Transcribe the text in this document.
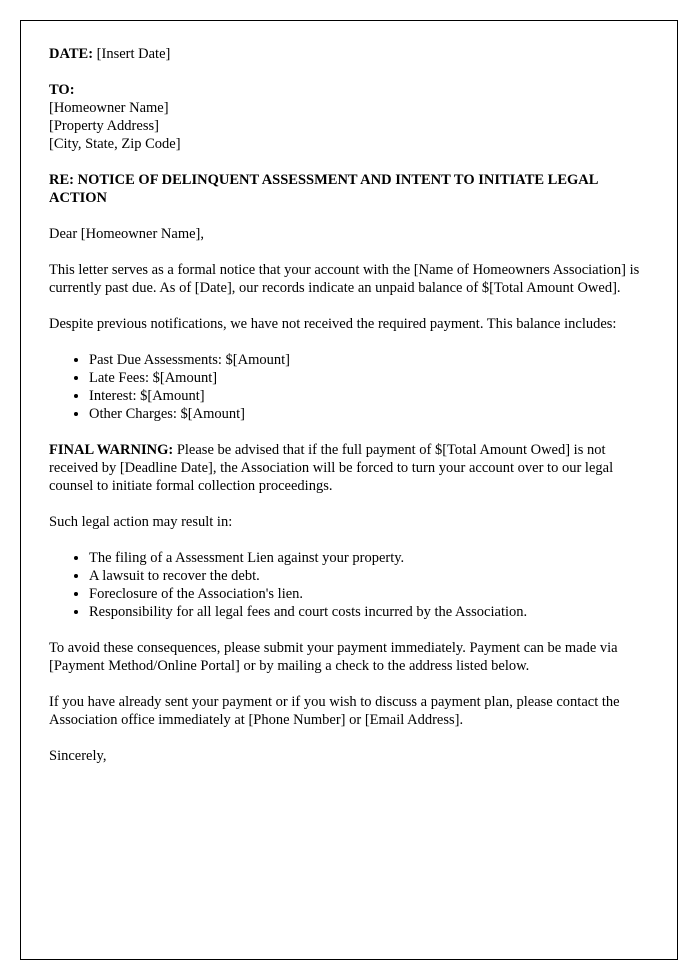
DATE: [Insert Date]

TO:
[Homeowner Name]
[Property Address]
[City, State, Zip Code]

RE: NOTICE OF DELINQUENT ASSESSMENT AND INTENT TO INITIATE LEGAL ACTION

Dear [Homeowner Name],

This letter serves as a formal notice that your account with the [Name of Homeowners Association] is currently past due. As of [Date], our records indicate an unpaid balance of $[Total Amount Owed].

Despite previous notifications, we have not received the required payment. This balance includes:

• Past Due Assessments: $[Amount]
• Late Fees: $[Amount]
• Interest: $[Amount]
• Other Charges: $[Amount]

FINAL WARNING: Please be advised that if the full payment of $[Total Amount Owed] is not received by [Deadline Date], the Association will be forced to turn your account over to our legal counsel to initiate formal collection proceedings.

Such legal action may result in:

• The filing of a Assessment Lien against your property.
• A lawsuit to recover the debt.
• Foreclosure of the Association's lien.
• Responsibility for all legal fees and court costs incurred by the Association.

To avoid these consequences, please submit your payment immediately. Payment can be made via [Payment Method/Online Portal] or by mailing a check to the address listed below.

If you have already sent your payment or if you wish to discuss a payment plan, please contact the Association office immediately at [Phone Number] or [Email Address].

Sincerely,
